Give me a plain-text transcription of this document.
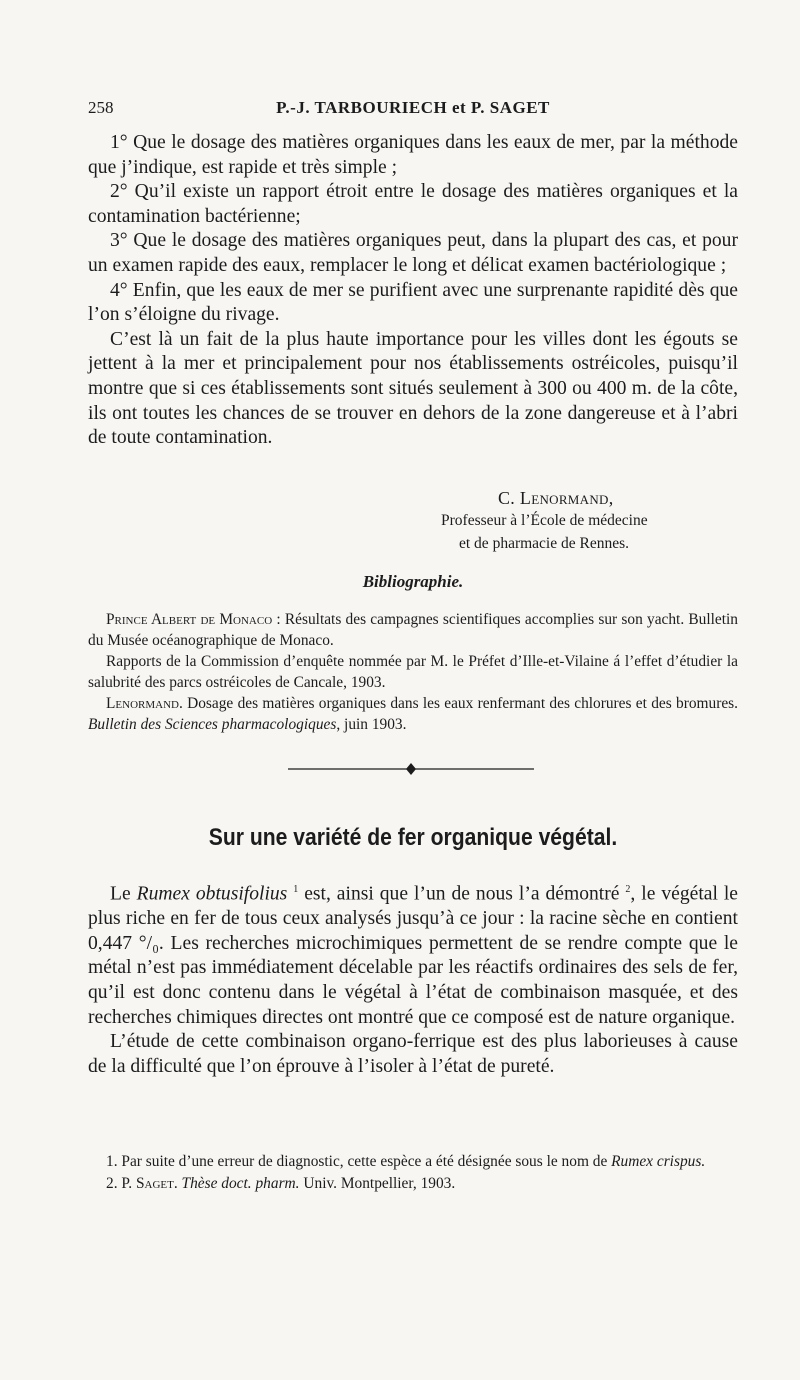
258	P.-J. TARBOURIECH et P. SAGET

1° Que le dosage des matières organiques dans les eaux de mer, par la méthode que j’indique, est rapide et très simple ;

2° Qu’il existe un rapport étroit entre le dosage des matières organiques et la contamination bactérienne;

3° Que le dosage des matières organiques peut, dans la plupart des cas, et pour un examen rapide des eaux, remplacer le long et délicat examen bactériologique ;

4° Enfin, que les eaux de mer se purifient avec une surprenante rapidité dès que l’on s’éloigne du rivage.

C’est là un fait de la plus haute importance pour les villes dont les égouts se jettent à la mer et principalement pour nos établissements ostréicoles, puisqu’il montre que si ces établissements sont situés seulement à 300 ou 400 m. de la côte, ils ont toutes les chances de se trouver en dehors de la zone dangereuse et à l’abri de toute contamination.

C. Lenormand,
Professeur à l’École de médecine
et de pharmacie de Rennes.
Bibliographie.

Prince Albert de Monaco : Résultats des campagnes scientifiques accomplies sur son yacht. Bulletin du Musée océanographique de Monaco.

Rapports de la Commission d’enquête nommée par M. le Préfet d’Ille-et-Vilaine á l’effet d’étudier la salubrité des parcs ostréicoles de Cancale, 1903.

Lenormand. Dosage des matières organiques dans les eaux renfermant des chlorures et des bromures. Bulletin des Sciences pharmacologiques, juin 1903.

Sur une variété de fer organique végétal.

Le Rumex obtusifolius $^1$ est, ainsi que l’un de nous l’a démontré $^2$, le végétal le plus riche en fer de tous ceux analysés jusqu’à ce jour : la racine sèche en contient 0,447 °/₀. Les recherches microchimiques permettent de se rendre compte que le métal n’est pas immédiatement décelable par les réactifs ordinaires des sels de fer, qu’il est donc contenu dans le végétal à l’état de combinaison masquée, et des recherches chimiques directes ont montré que ce composé est de nature organique.

L’étude de cette combinaison organo-ferrique est des plus laborieuses à cause de la difficulté que l’on éprouve à l’isoler à l’état de pureté.

1. Par suite d’une erreur de diagnostic, cette espèce a été désignée sous le nom de Rumex crispus.

2. P. Saget. Thèse doct. pharm. Univ. Montpellier, 1903.
